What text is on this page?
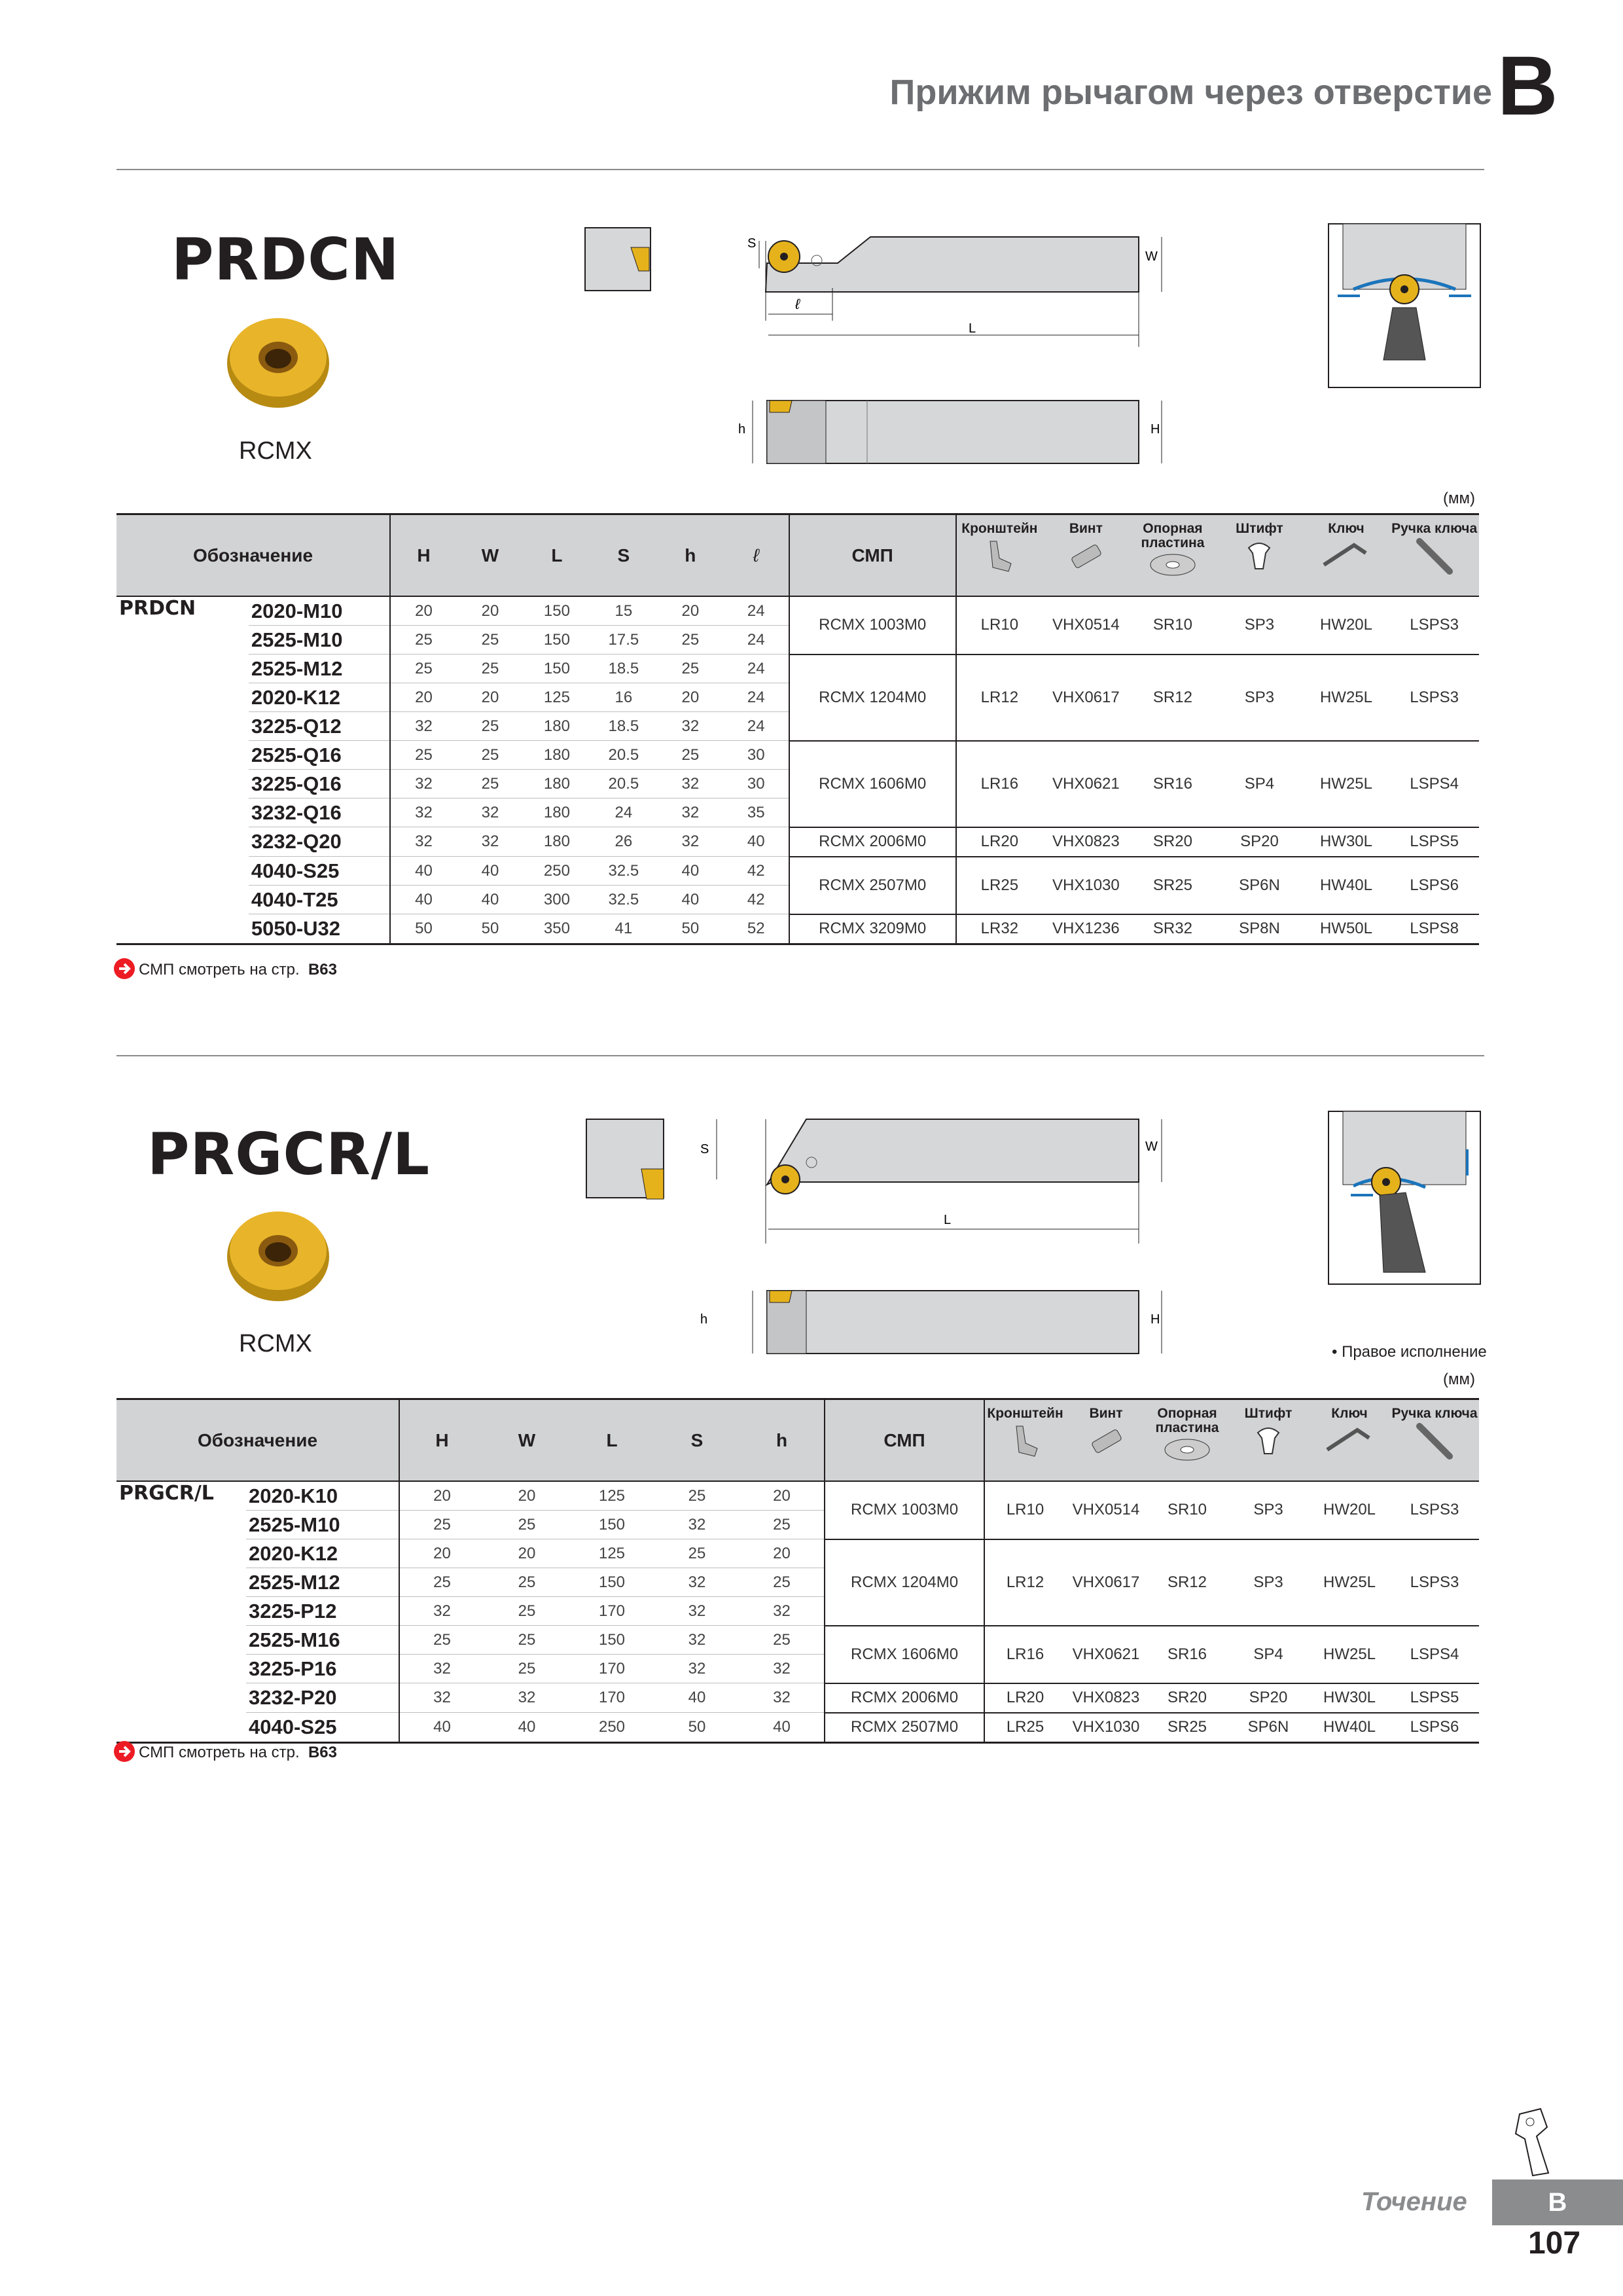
Прижим рычагом через отверстие B
PRDCN
RCMX
S
W
ℓ
L
h	H
(мм)
Обозначение		H	W	L	S	h	ℓ	СМП	Кронштейн	Винт	Опорная пластина	Штифт	Ключ	Ручка ключа

PRDCN	2020-M10	20	20	150	15	20	24	RCMX 1003M0	LR10	VHX0514	SR10	SP3	HW20L	LSPS3
	2525-M10	25	25	150	17.5	25	24							
	2525-M12	25	25	150	18.5	25	24	RCMX 1204M0	LR12	VHX0617	SR12	SP3	HW25L	LSPS3
	2020-K12	20	20	125	16	20	24							
	3225-Q12	32	25	180	18.5	32	24							
	2525-Q16	25	25	180	20.5	25	30	RCMX 1606M0	LR16	VHX0621	SR16	SP4	HW25L	LSPS4
	3225-Q16	32	25	180	20.5	32	30							
	3232-Q16	32	32	180	24	32	35							
	3232-Q20	32	32	180	26	32	40	RCMX 2006M0	LR20	VHX0823	SR20	SP20	HW30L	LSPS5
	4040-S25	40	40	250	32.5	40	42	RCMX 2507M0	LR25	VHX1030	SR25	SP6N	HW40L	LSPS6
	4040-T25	40	40	300	32.5	40	42							
	5050-U32	50	50	350	41	50	52	RCMX 3209M0	LR32	VHX1236	SR32	SP8N	HW50L	LSPS8
СМП смотреть на стр. B63
PRGCR/L
RCMX
S	W
L
h	H
• Правое исполнение
(мм)
Обозначение		H	W	L	S	h	СМП	Кронштейн	Винт	Опорная пластина	Штифт	Ключ	Ручка ключа

PRGCR/L	2020-K10	20	20	125	25	20	RCMX 1003M0	LR10	VHX0514	SR10	SP3	HW20L	LSPS3
	2525-M10	25	25	150	32	25							
	2020-K12	20	20	125	25	20	RCMX 1204M0	LR12	VHX0617	SR12	SP3	HW25L	LSPS3
	2525-M12	25	25	150	32	25							
	3225-P12	32	25	170	32	32							
	2525-M16	25	25	150	32	25	RCMX 1606M0	LR16	VHX0621	SR16	SP4	HW25L	LSPS4
	3225-P16	32	25	170	32	32							
	3232-P20	32	32	170	40	32	RCMX 2006M0	LR20	VHX0823	SR20	SP20	HW30L	LSPS5
	4040-S25	40	40	250	50	40	RCMX 2507M0	LR25	VHX1030	SR25	SP6N	HW40L	LSPS6
СМП смотреть на стр. B63
Точение	B
107
